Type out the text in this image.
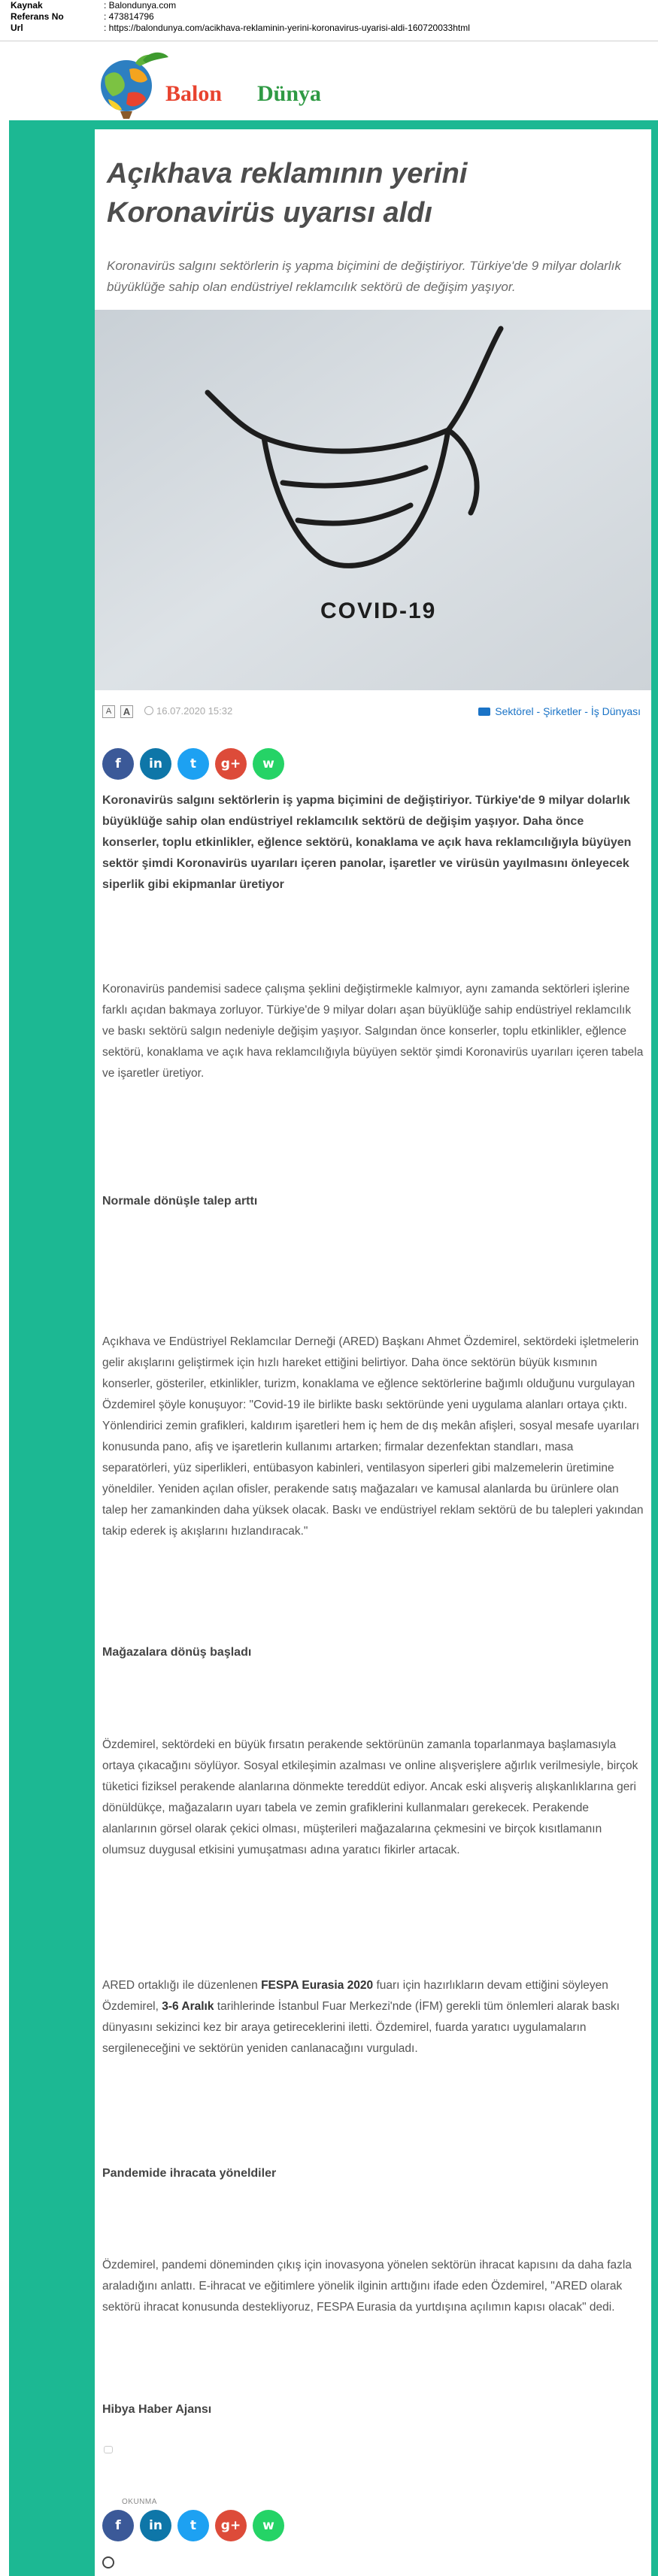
Kaynak	: Balondunya.com
Referans No	: 473814796
Url	: https://balondunya.com/acikhava-reklaminin-yerini-koronavirus-uyarisi-aldi-160720033html
Balon Dünya
Açıkhava reklamının yerini
Koronavirüs uyarısı aldı
Koronavirüs salgını sektörlerin iş yapma biçimini de değiştiriyor. Türkiye'de 9 milyar dolarlık büyüklüğe sahip olan endüstriyel reklamcılık sektörü de değişim yaşıyor.
COVID-19
A	A	16.07.2020 15:32	Sektörel - Şirketler - İş Dünyası
f	in	t	g+	w
Koronavirüs salgını sektörlerin iş yapma biçimini de değiştiriyor. Türkiye'de 9 milyar dolarlık büyüklüğe sahip olan endüstriyel reklamcılık sektörü de değişim yaşıyor. Daha önce konserler, toplu etkinlikler, eğlence sektörü, konaklama ve açık hava reklamcılığıyla büyüyen sektör şimdi Koronavirüs uyarıları içeren panolar, işaretler ve virüsün yayılmasını önleyecek siperlik gibi ekipmanlar üretiyor
Koronavirüs pandemisi sadece çalışma şeklini değiştirmekle kalmıyor, aynı zamanda sektörleri işlerine farklı açıdan bakmaya zorluyor. Türkiye'de 9 milyar doları aşan büyüklüğe sahip endüstriyel reklamcılık ve baskı sektörü salgın nedeniyle değişim yaşıyor. Salgından önce konserler, toplu etkinlikler, eğlence sektörü, konaklama ve açık hava reklamcılığıyla büyüyen sektör şimdi Koronavirüs uyarıları içeren tabela ve işaretler üretiyor.
Normale dönüşle talep arttı
Açıkhava ve Endüstriyel Reklamcılar Derneği (ARED) Başkanı Ahmet Özdemirel, sektördeki işletmelerin gelir akışlarını geliştirmek için hızlı hareket ettiğini belirtiyor. Daha önce sektörün büyük kısmının konserler, gösteriler, etkinlikler, turizm, konaklama ve eğlence sektörlerine bağımlı olduğunu vurgulayan Özdemirel şöyle konuşuyor: "Covid-19 ile birlikte baskı sektöründe yeni uygulama alanları ortaya çıktı. Yönlendirici zemin grafikleri, kaldırım işaretleri hem iç hem de dış mekân afişleri, sosyal mesafe uyarıları konusunda pano, afiş ve işaretlerin kullanımı artarken; firmalar dezenfektan standları, masa separatörleri, yüz siperlikleri, entübasyon kabinleri, ventilasyon siperleri gibi malzemelerin üretimine yöneldiler. Yeniden açılan ofisler, perakende satış mağazaları ve kamusal alanlarda bu ürünlere olan talep her zamankinden daha yüksek olacak. Baskı ve endüstriyel reklam sektörü de bu talepleri yakından takip ederek iş akışlarını hızlandıracak."
Mağazalara dönüş başladı
Özdemirel, sektördeki en büyük fırsatın perakende sektörünün zamanla toparlanmaya başlamasıyla ortaya çıkacağını söylüyor. Sosyal etkileşimin azalması ve online alışverişlere ağırlık verilmesiyle, birçok tüketici fiziksel perakende alanlarına dönmekte tereddüt ediyor. Ancak eski alışveriş alışkanlıklarına geri dönüldükçe, mağazaların uyarı tabela ve zemin grafiklerini kullanmaları gerekecek. Perakende alanlarının görsel olarak çekici olması, müşterileri mağazalarına çekmesini ve birçok kısıtlamanın olumsuz duygusal etkisini yumuşatması adına yaratıcı fikirler artacak.
ARED ortaklığı ile düzenlenen FESPA Eurasia 2020 fuarı için hazırlıkların devam ettiğini söyleyen Özdemirel, 3-6 Aralık tarihlerinde İstanbul Fuar Merkezi'nde (İFM) gerekli tüm önlemleri alarak baskı dünyasını sekizinci kez bir araya getireceklerini iletti. Özdemirel, fuarda yaratıcı uygulamaların sergileneceğini ve sektörün yeniden canlanacağını vurguladı.
Pandemide ihracata yöneldiler
Özdemirel, pandemi döneminden çıkış için inovasyona yönelen sektörün ihracat kapısını da daha fazla araladığını anlattı. E-ihracat ve eğitimlere yönelik ilginin arttığını ifade eden Özdemirel, "ARED olarak sektörü ihracat konusunda destekliyoruz, FESPA Eurasia da yurtdışına açılımın kapısı olacak" dedi.
Hibya Haber Ajansı
OKUNMA
f	in	t	g+	w
